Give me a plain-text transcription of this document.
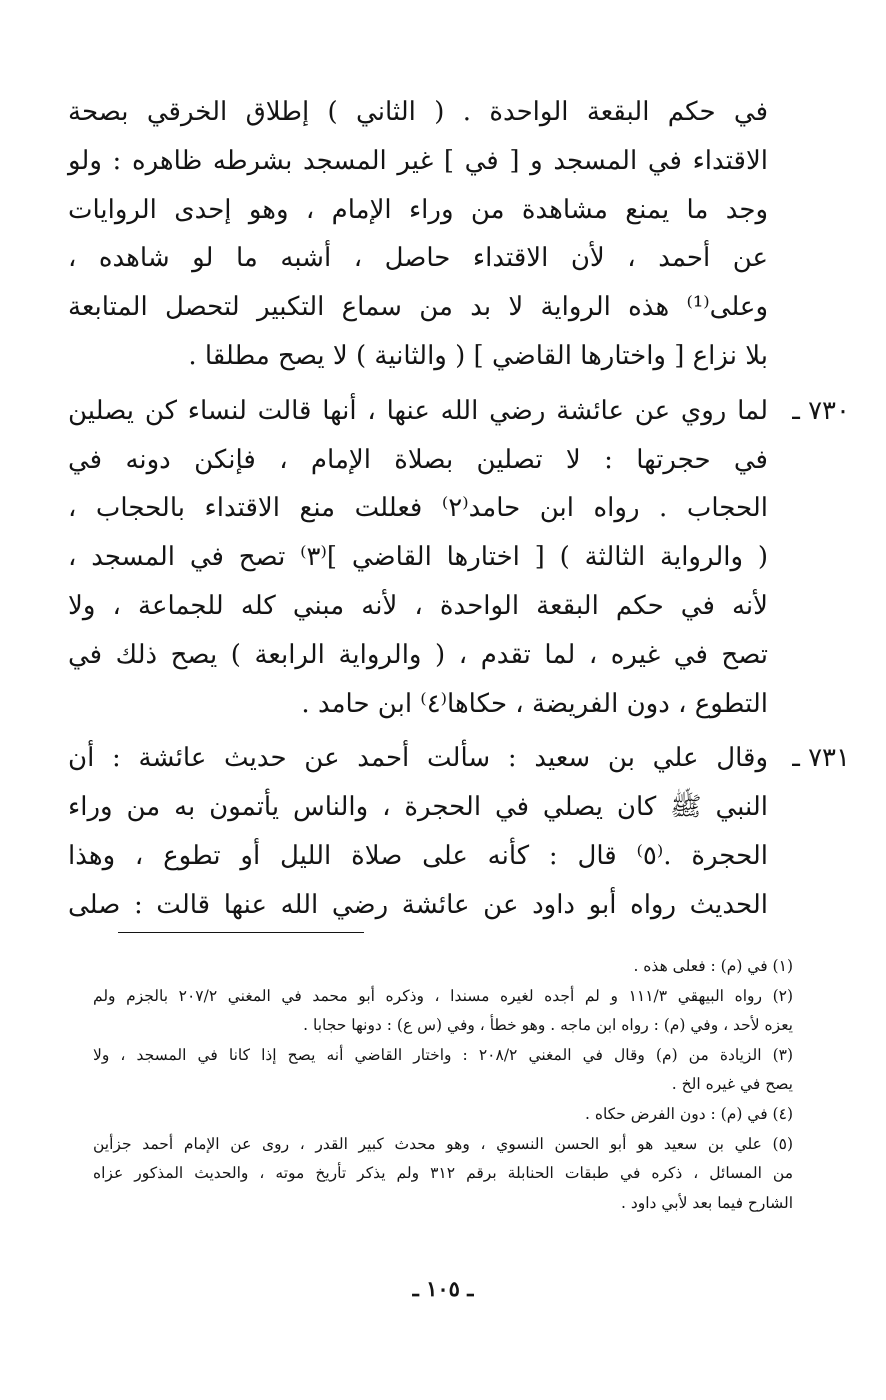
في حكم البقعة الواحدة . ( الثاني ) إطلاق الخرقي بصحة
الاقتداء في المسجد و [ في ] غير المسجد بشرطه ظاهره : ولو
وجد ما يمنع مشاهدة من وراء الإمام ، وهو إحدى الروايات
عن أحمد ، لأن الاقتداء حاصل ، أشبه ما لو شاهده ،
وعلى⁽¹⁾ هذه الرواية لا بد من سماع التكبير لتحصل المتابعة
بلا نزاع [ واختارها القاضي ] ( والثانية ) لا يصح مطلقا .
٧٣٠ ـ
لما روي عن عائشة رضي الله عنها ، أنها قالت لنساء كن يصلين
في حجرتها : لا تصلين بصلاة الإمام ، فإنكن دونه في
الحجاب . رواه ابن حامد⁽٢⁾ فعللت منع الاقتداء بالحجاب ،
( والرواية الثالثة ) [ اختارها القاضي ]⁽٣⁾ تصح في المسجد ،
لأنه في حكم البقعة الواحدة ، لأنه مبني كله للجماعة ، ولا
تصح في غيره ، لما تقدم ، ( والرواية الرابعة ) يصح ذلك في
التطوع ، دون الفريضة ، حكاها⁽٤⁾ ابن حامد .
٧٣١ ـ
وقال علي بن سعيد : سألت أحمد عن حديث عائشة : أن
النبي ﷺ كان يصلي في الحجرة ، والناس يأتمون به من وراء
الحجرة .⁽٥⁾ قال : كأنه على صلاة الليل أو تطوع ، وهذا
الحديث رواه أبو داود عن عائشة رضي الله عنها قالت : صلى
(١) في (م) : فعلى هذه .
(٢) رواه البيهقي ١١١/٣ و لم أجده لغيره مسندا ، وذكره أبو محمد في المغني ٢٠٧/٢ بالجزم ولم
يعزه لأحد ، وفي (م) : رواه ابن ماجه . وهو خطأ ، وفي (س ع) : دونها حجابا .
(٣) الزيادة من (م) وقال في المغني ٢٠٨/٢ : واختار القاضي أنه يصح إذا كانا في المسجد ، ولا
يصح في غيره الخ .
(٤) في (م) : دون الفرض حكاه .
(٥) علي بن سعيد هو أبو الحسن النسوي ، وهو محدث كبير القدر ، روى عن الإمام أحمد جزأين
من المسائل ، ذكره في طبقات الحنابلة برقم ٣١٢ ولم يذكر تأريخ موته ، والحديث المذكور عزاه
الشارح فيما بعد لأبي داود .
ـ ١٠٥ ـ
